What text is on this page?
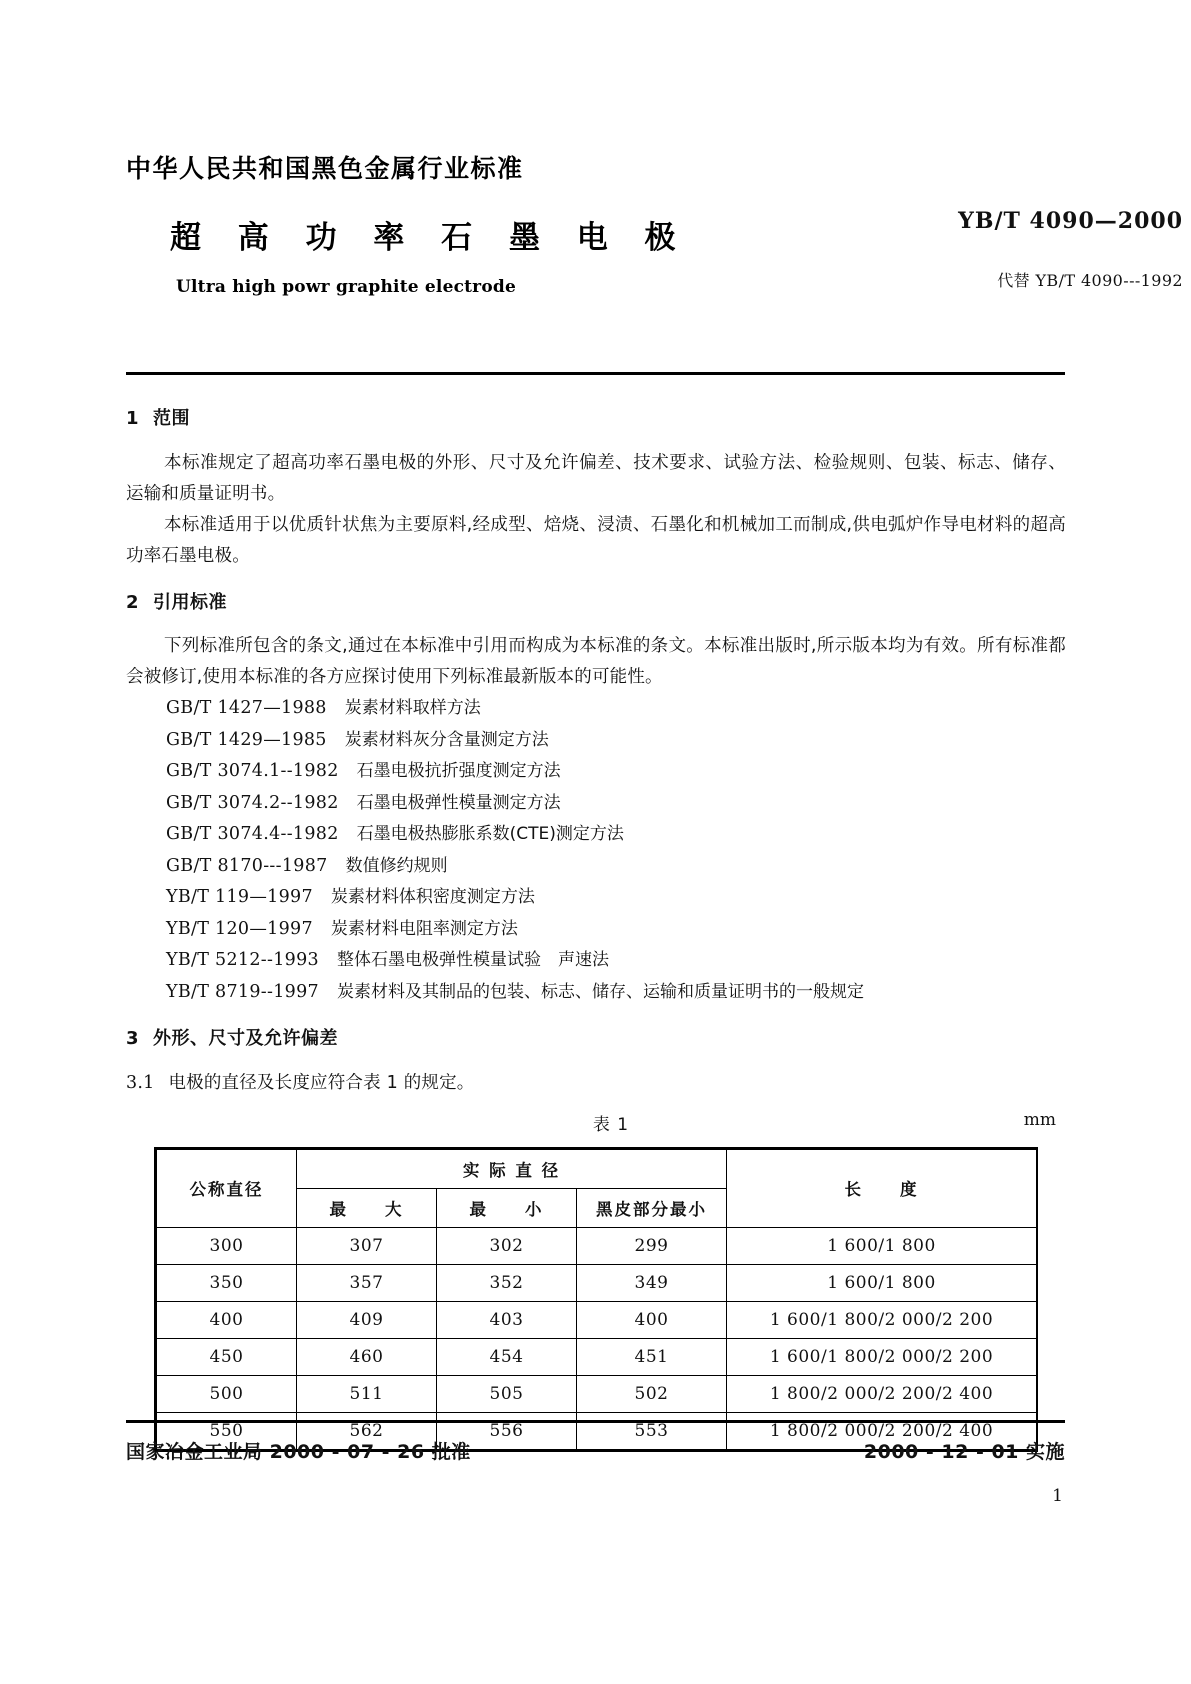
中华人民共和国黑色金属行业标准
超 高 功 率 石 墨 电 极
Ultra high powr graphite electrode
YB/T 4090—2000
代替 YB/T 4090---1992
1 范围

本标准规定了超高功率石墨电极的外形、尺寸及允许偏差、技术要求、试验方法、检验规则、包装、标志、储存、运输和质量证明书。

本标准适用于以优质针状焦为主要原料,经成型、焙烧、浸渍、石墨化和机械加工而制成,供电弧炉作导电材料的超高功率石墨电极。

2 引用标准

下列标准所包含的条文,通过在本标准中引用而构成为本标准的条文。本标准出版时,所示版本均为有效。所有标准都会被修订,使用本标准的各方应探讨使用下列标准最新版本的可能性。

GB/T 1427—1988 炭素材料取样方法
GB/T 1429—1985 炭素材料灰分含量测定方法
GB/T 3074.1--1982 石墨电极抗折强度测定方法
GB/T 3074.2--1982 石墨电极弹性模量测定方法
GB/T 3074.4--1982 石墨电极热膨胀系数(CTE)测定方法
GB/T 8170---1987 数值修约规则
YB/T 119—1997 炭素材料体积密度测定方法
YB/T 120—1997 炭素材料电阻率测定方法
YB/T 5212--1993 整体石墨电极弹性模量试验　声速法
YB/T 8719--1997 炭素材料及其制品的包装、标志、储存、运输和质量证明书的一般规定
3 外形、尺寸及允许偏差

3.1 电极的直径及长度应符合表 1 的规定。

表 1	mm
公称直径	实 际 直 径			长　　度
	最　　大	最　　小	黑皮部分最小	
300	307	302	299	1 600/1 800
350	357	352	349	1 600/1 800
400	409	403	400	1 600/1 800/2 000/2 200
450	460	454	451	1 600/1 800/2 000/2 200
500	511	505	502	1 800/2 000/2 200/2 400
550	562	556	553	1 800/2 000/2 200/2 400
国家冶金工业局 2000 - 07 - 26 批准	2000 - 12 - 01 实施
1
